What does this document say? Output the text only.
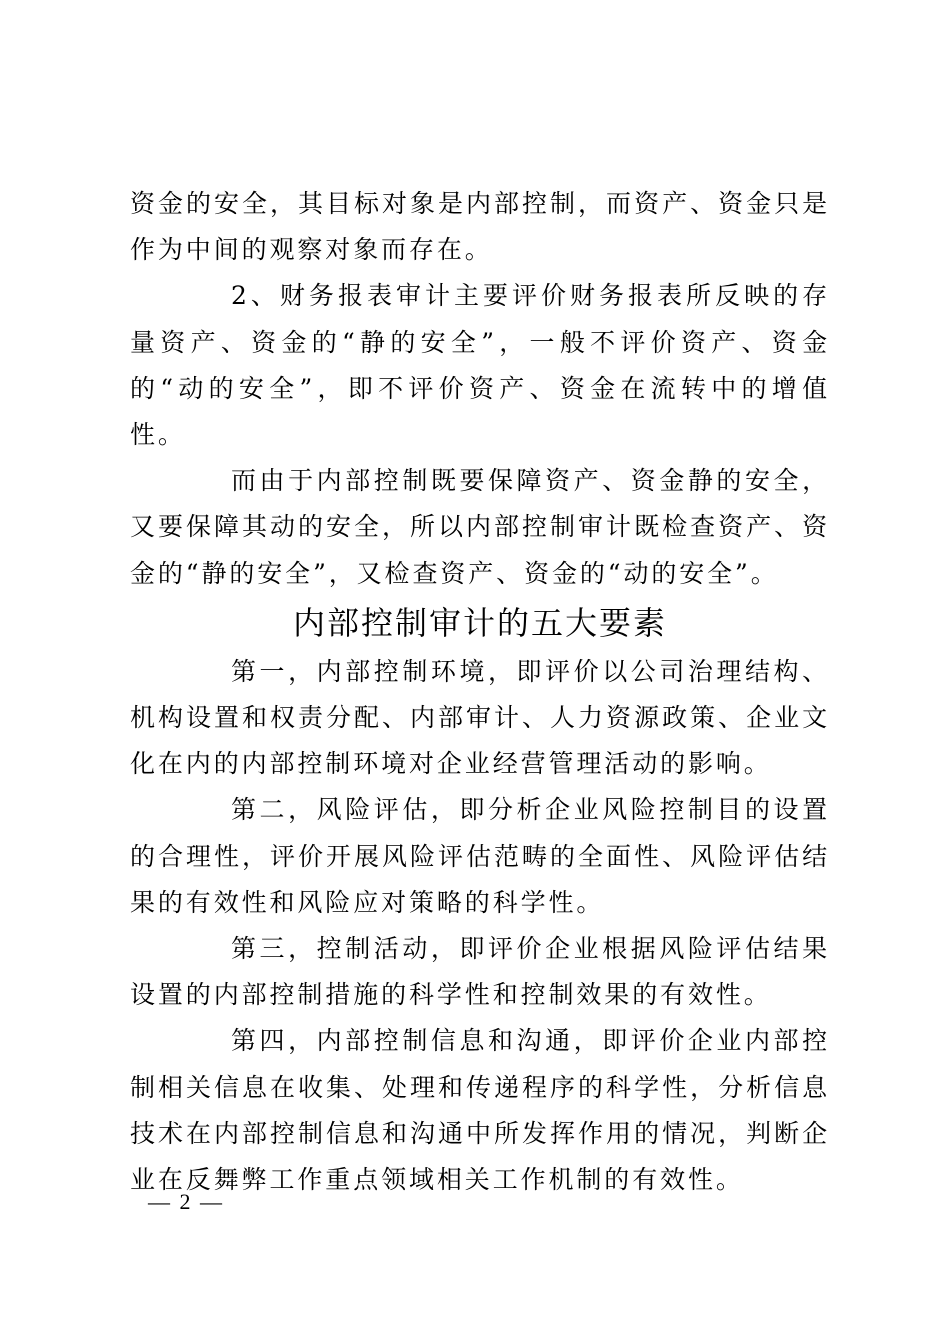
资金的安全，其目标对象是内部控制，而资产、资金只是作为中间的观察对象而存在。

2、财务报表审计主要评价财务报表所反映的存量资产、资金的“静的安全”，一般不评价资产、资金的“动的安全”，即不评价资产、资金在流转中的增值性。

而由于内部控制既要保障资产、资金静的安全，又要保障其动的安全，所以内部控制审计既检查资产、资金的“静的安全”，又检查资产、资金的“动的安全”。

内部控制审计的五大要素

第一，内部控制环境，即评价以公司治理结构、机构设置和权责分配、内部审计、人力资源政策、企业文化在内的内部控制环境对企业经营管理活动的影响。

第二，风险评估，即分析企业风险控制目的设置的合理性，评价开展风险评估范畴的全面性、风险评估结果的有效性和风险应对策略的科学性。

第三，控制活动，即评价企业根据风险评估结果设置的内部控制措施的科学性和控制效果的有效性。

第四，内部控制信息和沟通，即评价企业内部控制相关信息在收集、处理和传递程序的科学性，分析信息技术在内部控制信息和沟通中所发挥作用的情况，判断企业在反舞弊工作重点领域相关工作机制的有效性。

— 2 —
